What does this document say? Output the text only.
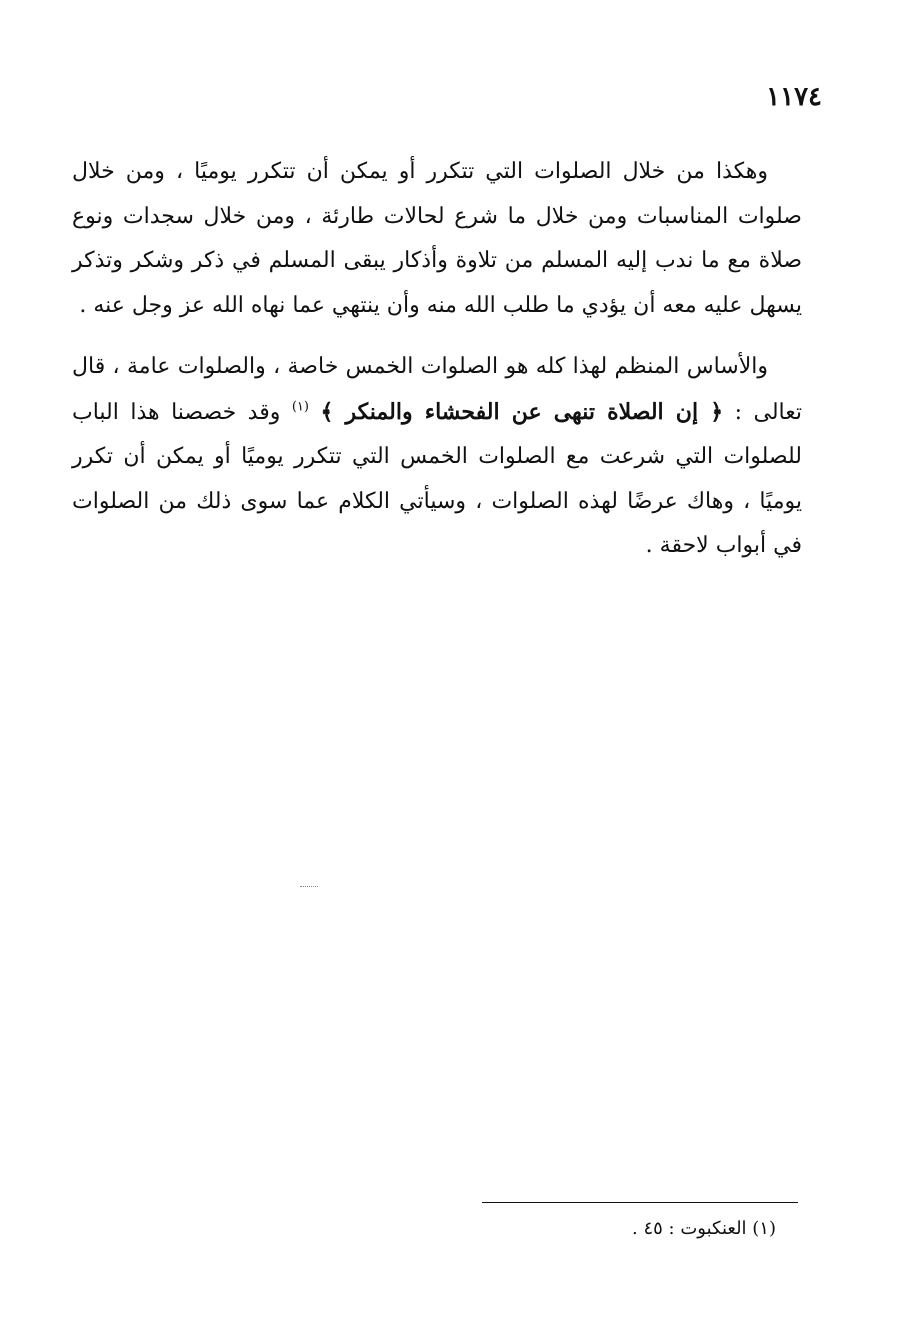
١١٧٤

وهكذا من خلال الصلوات التي تتكرر أو يمكن أن تتكرر يوميًا ، ومن خلال صلوات المناسبات ومن خلال ما شرع لحالات طارئة ، ومن خلال سجدات ونوع صلاة مع ما ندب إليه المسلم من تلاوة وأذكار يبقى المسلم في ذكر وشكر وتذكر يسهل عليه معه أن يؤدي ما طلب الله منه وأن ينتهي عما نهاه الله عز وجل عنه .

والأساس المنظم لهذا كله هو الصلوات الخمس خاصة ، والصلوات عامة ، قال تعالى : ﴿ إن الصلاة تنهى عن الفحشاء والمنكر ﴾ $^{(١)}$ وقد خصصنا هذا الباب للصلوات التي شرعت مع الصلوات الخمس التي تتكرر يوميًا أو يمكن أن تكرر يوميًا ، وهاك عرضًا لهذه الصلوات ، وسيأتي الكلام عما سوى ذلك من الصلوات في أبواب لاحقة .

(١) العنكبوت : ٤٥ .
